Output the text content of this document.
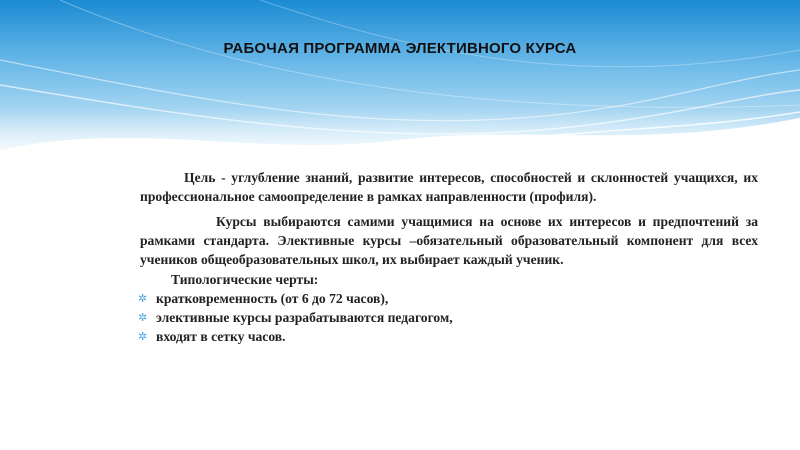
РАБОЧАЯ ПРОГРАММА ЭЛЕКТИВНОГО КУРСА

Цель - углубление знаний, развитие интересов, способностей и склонностей учащихся, их профессиональное самоопределение в рамках направленности (профиля).

Курсы выбираются самими учащимися на основе их интересов и предпочтений за рамками стандарта. Элективные курсы –обязательный образовательный компонент для всех учеников общеобразовательных школ, их выбирает каждый ученик.

Типологические черты:

✲ кратковременность (от 6 до 72 часов),
✲ элективные курсы разрабатываются педагогом,
✲ входят в сетку часов.
